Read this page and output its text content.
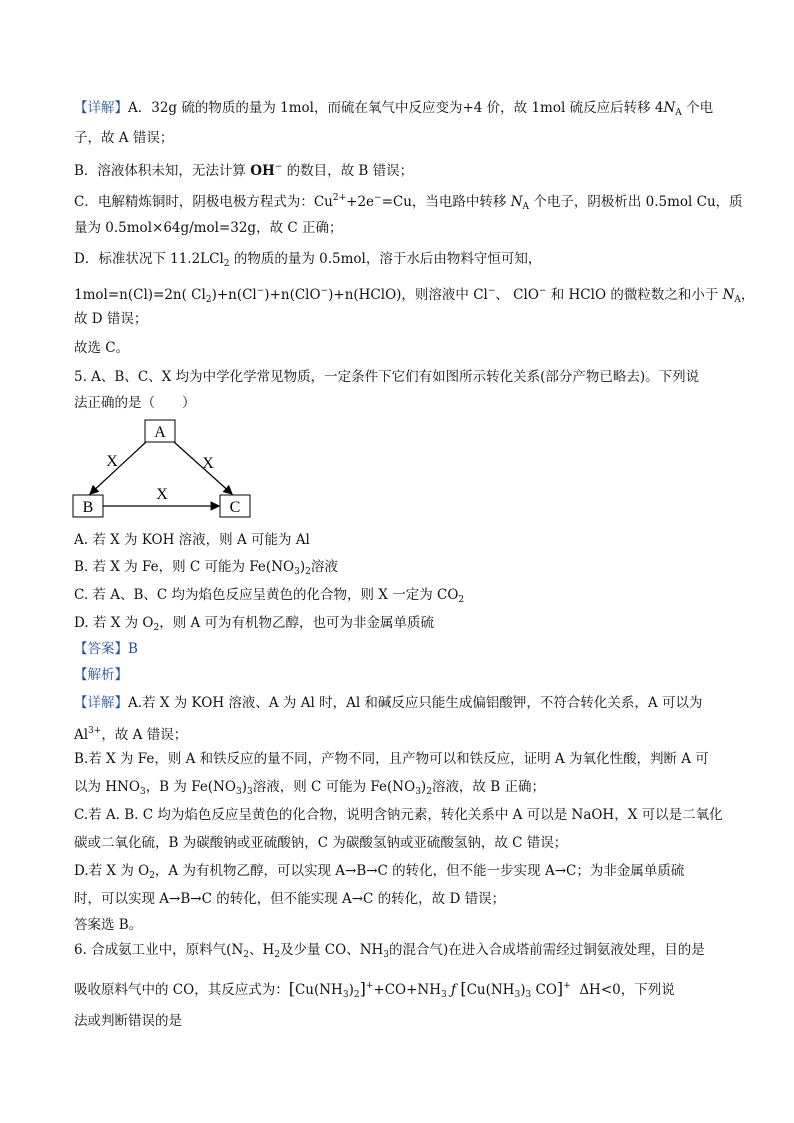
【详解】A．32g 硫的物质的量为 1mol，而硫在氧气中反应变为+4 价，故 1mol 硫反应后转移 $4N_A$ 个电
子，故 A 错误；
B．溶液体积未知，无法计算 OH− 的数目，故 B 错误；
C．电解精炼铜时，阴极电极方程式为：$Cu^{2+}+2e^-=Cu$，当电路中转移 $N_A$ 个电子，阴极析出 0.5mol Cu，质
量为 0.5mol×64g/mol=32g，故 C 正确；
D．标准状况下 11.2LCl$_2$ 的物质的量为 0.5mol，溶于水后由物料守恒可知，
1mol=n(Cl)=2n( $Cl_2)+n(Cl^-)+n(ClO^-)+n(HClO)$，则溶液中 Cl−、 ClO− 和 HClO 的微粒数之和小于 $N_A$，
故 D 错误；
故选 C。
5. A、B、C、X 均为中学化学常见物质，一定条件下它们有如图所示转化关系(部分产物已略去)。下列说
法正确的是（　　）
A
B	C
X	X
X
A. 若 X 为 KOH 溶液，则 A 可能为 Al
B. 若 X 为 Fe，则 C 可能为 $Fe(NO_3)_2$溶液
C. 若 A、B、C 均为焰色反应呈黄色的化合物，则 X 一定为 $CO_2$
D. 若 X 为 $O_2$，则 A 可为有机物乙醇，也可为非金属单质硫
【答案】B
【解析】
【详解】A.若 X 为 KOH 溶液、A 为 Al 时，Al 和碱反应只能生成偏铝酸钾，不符合转化关系，A 可以为
$Al^{3+}$，故 A 错误；
B.若 X 为 Fe，则 A 和铁反应的量不同，产物不同，且产物可以和铁反应，证明 A 为氧化性酸，判断 A 可
以为 $HNO_3$，B 为 $Fe(NO_3)_3$溶液，则 C 可能为 $Fe(NO_3)_2$溶液，故 B 正确；
C.若 A. B. C 均为焰色反应呈黄色的化合物，说明含钠元素，转化关系中 A 可以是 NaOH，X 可以是二氧化
碳或二氧化硫，B 为碳酸钠或亚硫酸钠，C 为碳酸氢钠或亚硫酸氢钠，故 C 错误；
D.若 X 为 $O_2$，A 为有机物乙醇，可以实现 A→B→C 的转化，但不能一步实现 A→C；为非金属单质硫
时，可以实现 A→B→C 的转化，但不能实现 A→C 的转化，故 D 错误；
答案选 B。
6. 合成氨工业中，原料气($N_2$、$H_2$及少量 CO、$NH_3$的混合气)在进入合成塔前需经过铜氨液处理，目的是
吸收原料气中的 CO，其反应式为：$[Cu(NH_3)_2]^++CO+NH_3$ ƒ [$Cu(NH_3)_3$ CO]+ ΔH<0，下列说
法或判断错误的是
